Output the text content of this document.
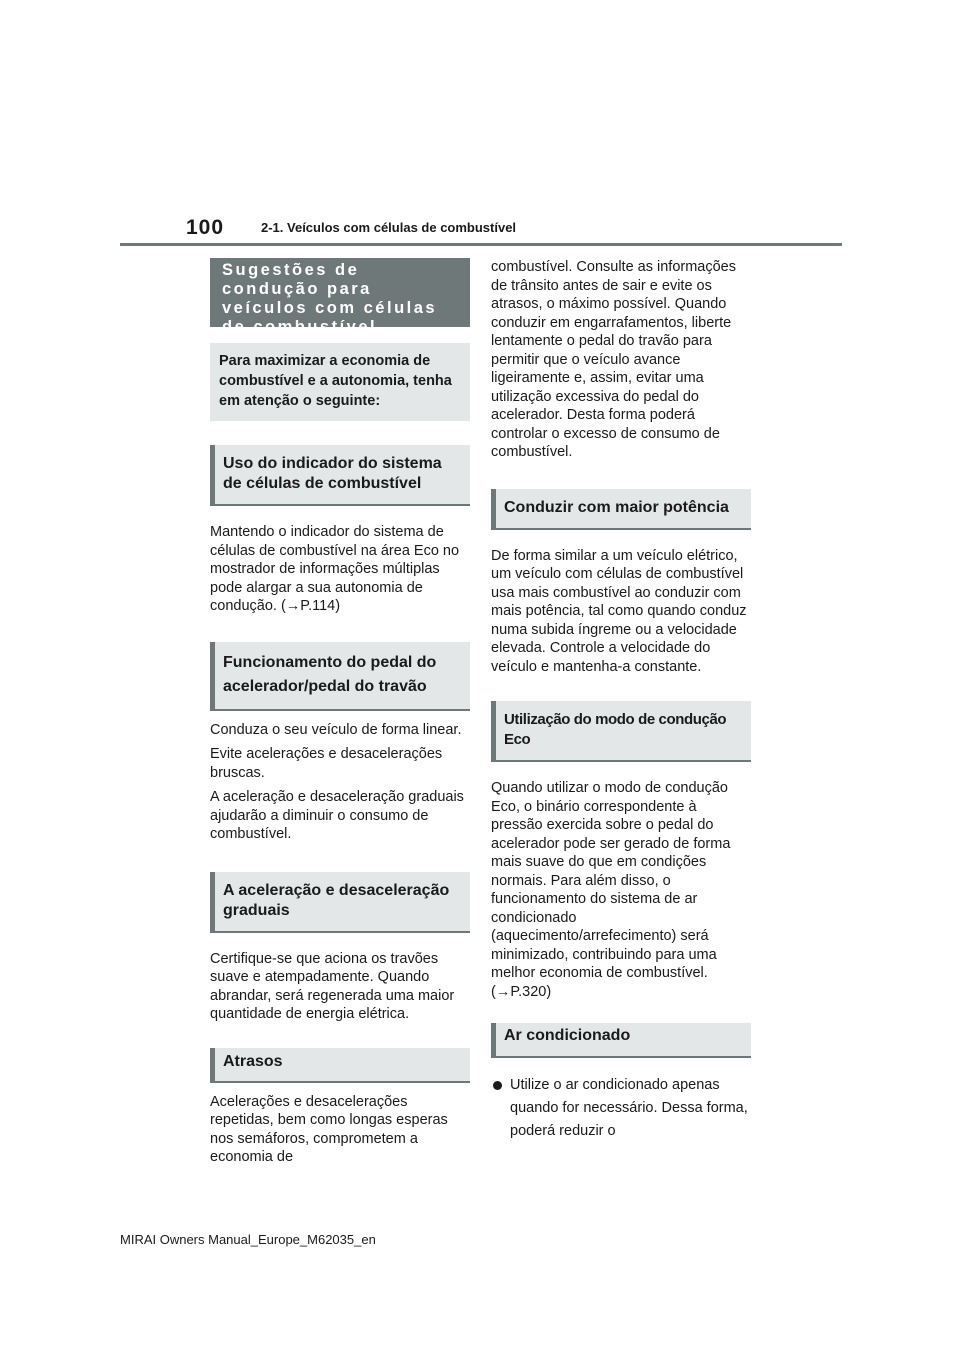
100	2-1. Veículos com células de combustível
Sugestões de condução para veículos com células de combustível
Para maximizar a economia de combustível e a autonomia, tenha em atenção o seguinte:
Uso do indicador do sistema de células de combustível

Mantendo o indicador do sistema de células de combustível na área Eco no mostrador de informações múltiplas pode alargar a sua autonomia de condução. (→P.114)

Funcionamento do pedal do acelerador/pedal do travão

Conduza o seu veículo de forma linear.

Evite acelerações e desacelerações bruscas.

A aceleração e desaceleração graduais ajudarão a diminuir o consumo de combustível.

A aceleração e desaceleração graduais

Certifique-se que aciona os travões suave e atempadamente. Quando abrandar, será regenerada uma maior quantidade de energia elétrica.

Atrasos

Acelerações e desacelerações repetidas, bem como longas esperas nos semáforos, comprometem a economia de

combustível. Consulte as informações de trânsito antes de sair e evite os atrasos, o máximo possível. Quando conduzir em engarrafamentos, liberte lentamente o pedal do travão para permitir que o veículo avance ligeiramente e, assim, evitar uma utilização excessiva do pedal do acelerador. Desta forma poderá controlar o excesso de consumo de combustível.

Conduzir com maior potência

De forma similar a um veículo elétrico, um veículo com células de combustível usa mais combustível ao conduzir com mais potência, tal como quando conduz numa subida íngreme ou a velocidade elevada. Controle a velocidade do veículo e mantenha-a constante.

Utilização do modo de condução Eco

Quando utilizar o modo de condução Eco, o binário correspondente à pressão exercida sobre o pedal do acelerador pode ser gerado de forma mais suave do que em condições normais. Para além disso, o funcionamento do sistema de ar condicionado (aquecimento/arrefecimento) será minimizado, contribuindo para uma melhor economia de combustível. (→P.320)

Ar condicionado
Utilize o ar condicionado apenas quando for necessário. Dessa forma, poderá reduzir o
MIRAI Owners Manual_Europe_M62035_en
